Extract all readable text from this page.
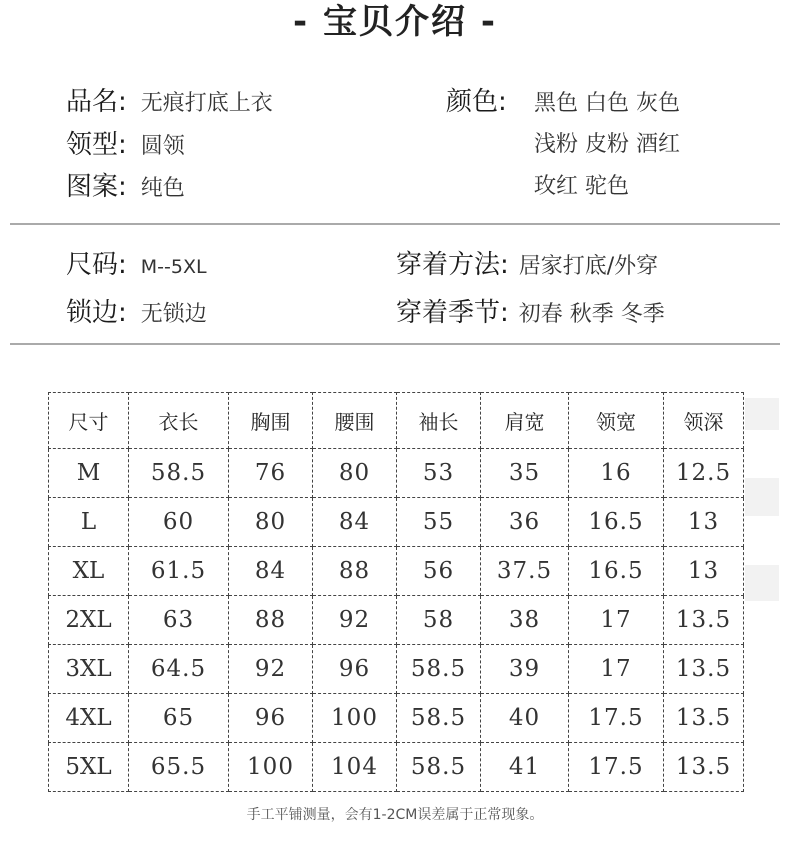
- 宝贝介绍 -
品名: 无痕打底上衣
领型: 圆领
图案: 纯色
颜色: 黑色 白色 灰色
浅粉 皮粉 酒红
玫红 驼色
尺码: M--5XL	穿着方法: 居家打底/外穿
锁边: 无锁边	穿着季节: 初春 秋季 冬季
尺寸	衣长	胸围	腰围	袖长	肩宽	领宽	领深
M	58.5	76	80	53	35	16	12.5
L	60	80	84	55	36	16.5	13
XL	61.5	84	88	56	37.5	16.5	13
2XL	63	88	92	58	38	17	13.5
3XL	64.5	92	96	58.5	39	17	13.5
4XL	65	96	100	58.5	40	17.5	13.5
5XL	65.5	100	104	58.5	41	17.5	13.5
手工平铺测量，会有1-2CM误差属于正常现象。
